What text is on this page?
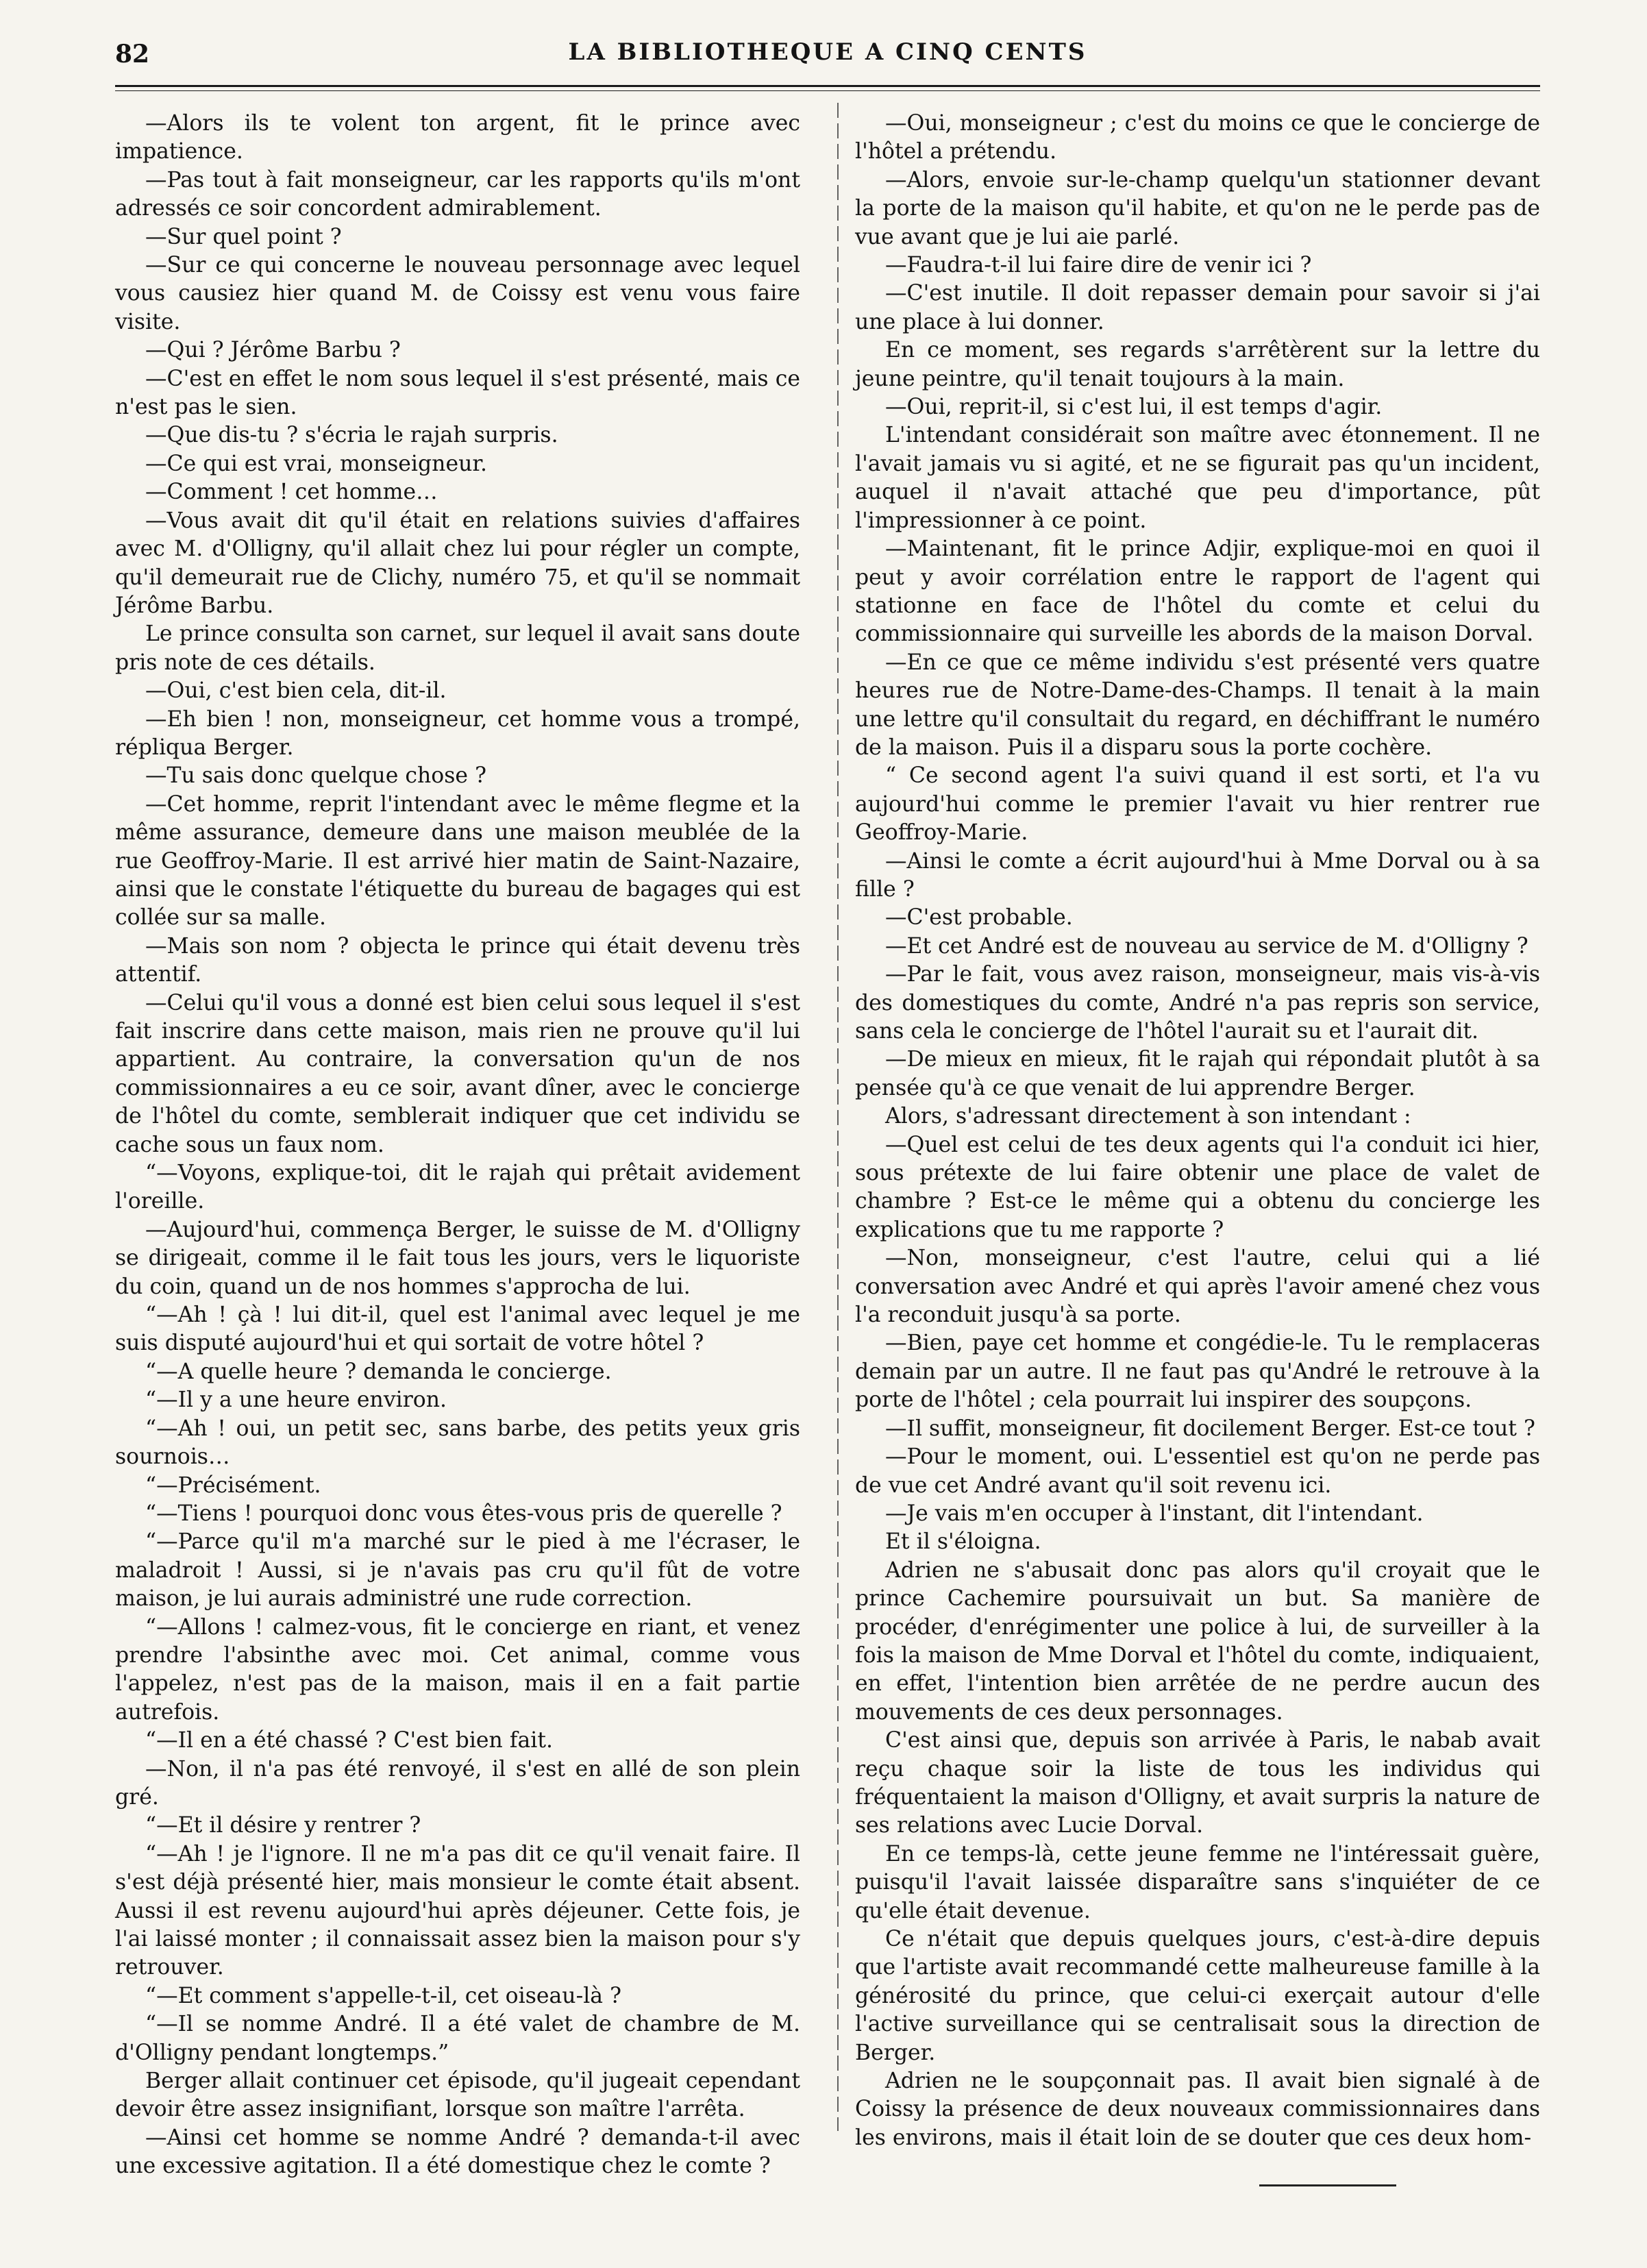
82	LA BIBLIOTHEQUE A CINQ CENTS

—Alors ils te volent ton argent, fit le prince avec impatience.

—Pas tout à fait monseigneur, car les rapports qu'ils m'ont adressés ce soir concordent admirablement.

—Sur quel point ?

—Sur ce qui concerne le nouveau personnage avec lequel vous causiez hier quand M. de Coissy est venu vous faire visite.

—Qui ? Jérôme Barbu ?

—C'est en effet le nom sous lequel il s'est présenté, mais ce n'est pas le sien.

—Que dis-tu ? s'écria le rajah surpris.

—Ce qui est vrai, monseigneur.

—Comment ! cet homme…

—Vous avait dit qu'il était en relations suivies d'affaires avec M. d'Olligny, qu'il allait chez lui pour régler un compte, qu'il demeurait rue de Clichy, numéro 75, et qu'il se nommait Jérôme Barbu.

Le prince consulta son carnet, sur lequel il avait sans doute pris note de ces détails.

—Oui, c'est bien cela, dit-il.

—Eh bien ! non, monseigneur, cet homme vous a trompé, répliqua Berger.

—Tu sais donc quelque chose ?

—Cet homme, reprit l'intendant avec le même flegme et la même assurance, demeure dans une maison meublée de la rue Geoffroy-Marie. Il est arrivé hier matin de Saint-Nazaire, ainsi que le constate l'étiquette du bureau de bagages qui est collée sur sa malle.

—Mais son nom ? objecta le prince qui était devenu très attentif.

—Celui qu'il vous a donné est bien celui sous lequel il s'est fait inscrire dans cette maison, mais rien ne prouve qu'il lui appartient. Au contraire, la conversation qu'un de nos commissionnaires a eu ce soir, avant dîner, avec le concierge de l'hôtel du comte, semblerait indiquer que cet individu se cache sous un faux nom.

“—Voyons, explique-toi, dit le rajah qui prêtait avidement l'oreille.

—Aujourd'hui, commença Berger, le suisse de M. d'Olligny se dirigeait, comme il le fait tous les jours, vers le liquoriste du coin, quand un de nos hommes s'approcha de lui.

“—Ah ! çà ! lui dit-il, quel est l'animal avec lequel je me suis disputé aujourd'hui et qui sortait de votre hôtel ?

“—A quelle heure ? demanda le concierge.

“—Il y a une heure environ.

“—Ah ! oui, un petit sec, sans barbe, des petits yeux gris sournois…

“—Précisément.

“—Tiens ! pourquoi donc vous êtes-vous pris de querelle ?

“—Parce qu'il m'a marché sur le pied à me l'écraser, le maladroit ! Aussi, si je n'avais pas cru qu'il fût de votre maison, je lui aurais administré une rude correction.

“—Allons ! calmez-vous, fit le concierge en riant, et venez prendre l'absinthe avec moi. Cet animal, comme vous l'appelez, n'est pas de la maison, mais il en a fait partie autrefois.

“—Il en a été chassé ? C'est bien fait.

—Non, il n'a pas été renvoyé, il s'est en allé de son plein gré.

“—Et il désire y rentrer ?

“—Ah ! je l'ignore. Il ne m'a pas dit ce qu'il venait faire. Il s'est déjà présenté hier, mais monsieur le comte était absent. Aussi il est revenu aujourd'hui après déjeuner. Cette fois, je l'ai laissé monter ; il connaissait assez bien la maison pour s'y retrouver.

“—Et comment s'appelle-t-il, cet oiseau-là ?

“—Il se nomme André. Il a été valet de chambre de M. d'Olligny pendant longtemps.”

Berger allait continuer cet épisode, qu'il jugeait cependant devoir être assez insignifiant, lorsque son maître l'arrêta.

—Ainsi cet homme se nomme André ? demanda-t-il avec une excessive agitation. Il a été domestique chez le comte ?

—Oui, monseigneur ; c'est du moins ce que le concierge de l'hôtel a prétendu.

—Alors, envoie sur-le-champ quelqu'un stationner devant la porte de la maison qu'il habite, et qu'on ne le perde pas de vue avant que je lui aie parlé.

—Faudra-t-il lui faire dire de venir ici ?

—C'est inutile. Il doit repasser demain pour savoir si j'ai une place à lui donner.

En ce moment, ses regards s'arrêtèrent sur la lettre du jeune peintre, qu'il tenait toujours à la main.

—Oui, reprit-il, si c'est lui, il est temps d'agir.

L'intendant considérait son maître avec étonnement. Il ne l'avait jamais vu si agité, et ne se figurait pas qu'un incident, auquel il n'avait attaché que peu d'importance, pût l'impressionner à ce point.

—Maintenant, fit le prince Adjir, explique-moi en quoi il peut y avoir corrélation entre le rapport de l'agent qui stationne en face de l'hôtel du comte et celui du commissionnaire qui surveille les abords de la maison Dorval.

—En ce que ce même individu s'est présenté vers quatre heures rue de Notre-Dame-des-Champs. Il tenait à la main une lettre qu'il consultait du regard, en déchiffrant le numéro de la maison. Puis il a disparu sous la porte cochère.

“ Ce second agent l'a suivi quand il est sorti, et l'a vu aujourd'hui comme le premier l'avait vu hier rentrer rue Geoffroy-Marie.

—Ainsi le comte a écrit aujourd'hui à Mme Dorval ou à sa fille ?

—C'est probable.

—Et cet André est de nouveau au service de M. d'Olligny ?

—Par le fait, vous avez raison, monseigneur, mais vis-à-vis des domestiques du comte, André n'a pas repris son service, sans cela le concierge de l'hôtel l'aurait su et l'aurait dit.

—De mieux en mieux, fit le rajah qui répondait plutôt à sa pensée qu'à ce que venait de lui apprendre Berger.

Alors, s'adressant directement à son intendant :

—Quel est celui de tes deux agents qui l'a conduit ici hier, sous prétexte de lui faire obtenir une place de valet de chambre ? Est-ce le même qui a obtenu du concierge les explications que tu me rapporte ?

—Non, monseigneur, c'est l'autre, celui qui a lié conversation avec André et qui après l'avoir amené chez vous l'a reconduit jusqu'à sa porte.

—Bien, paye cet homme et congédie-le. Tu le remplaceras demain par un autre. Il ne faut pas qu'André le retrouve à la porte de l'hôtel ; cela pourrait lui inspirer des soupçons.

—Il suffit, monseigneur, fit docilement Berger. Est-ce tout ?

—Pour le moment, oui. L'essentiel est qu'on ne perde pas de vue cet André avant qu'il soit revenu ici.

—Je vais m'en occuper à l'instant, dit l'intendant.

Et il s'éloigna.

Adrien ne s'abusait donc pas alors qu'il croyait que le prince Cachemire poursuivait un but. Sa manière de procéder, d'enrégimenter une police à lui, de surveiller à la fois la maison de Mme Dorval et l'hôtel du comte, indiquaient, en effet, l'intention bien arrêtée de ne perdre aucun des mouvements de ces deux personnages.

C'est ainsi que, depuis son arrivée à Paris, le nabab avait reçu chaque soir la liste de tous les individus qui fréquentaient la maison d'Olligny, et avait surpris la nature de ses relations avec Lucie Dorval.

En ce temps-là, cette jeune femme ne l'intéressait guère, puisqu'il l'avait laissée disparaître sans s'inquiéter de ce qu'elle était devenue.

Ce n'était que depuis quelques jours, c'est-à-dire depuis que l'artiste avait recommandé cette malheureuse famille à la générosité du prince, que celui-ci exerçait autour d'elle l'active surveillance qui se centralisait sous la direction de Berger.

Adrien ne le soupçonnait pas. Il avait bien signalé à de Coissy la présence de deux nouveaux commissionnaires dans les environs, mais il était loin de se douter que ces deux hom-
